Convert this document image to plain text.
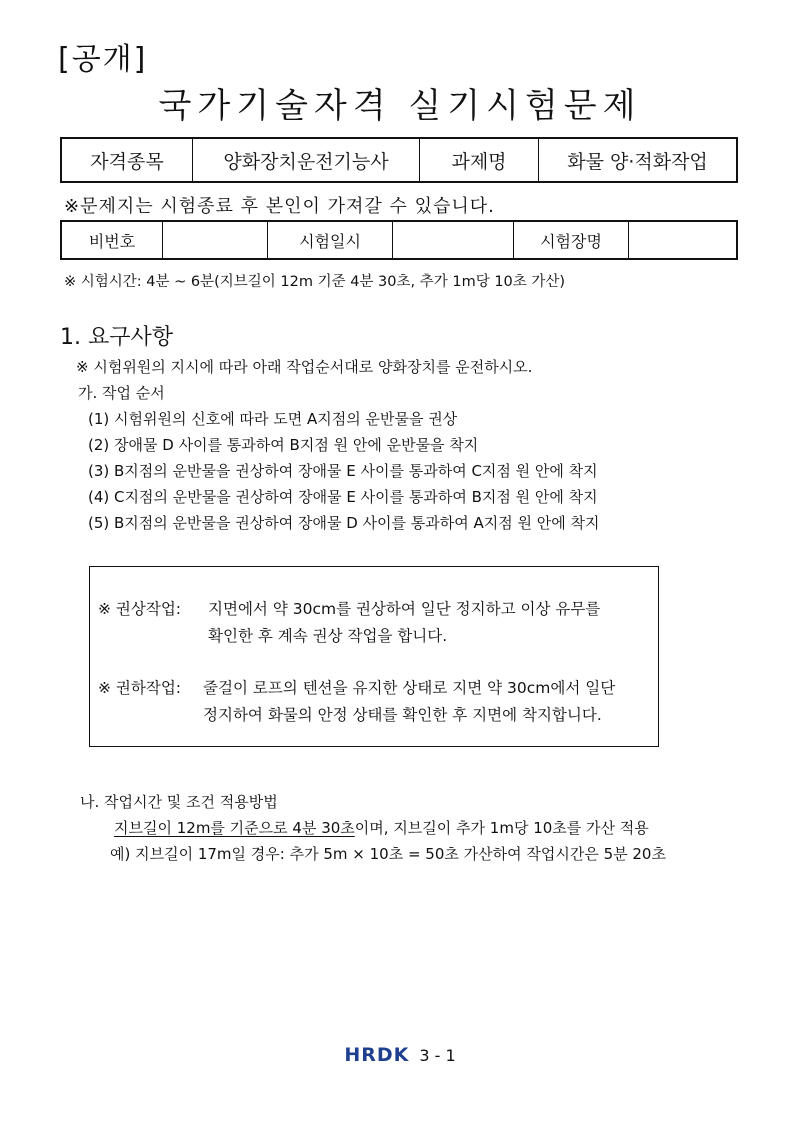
[공개]
국가기술자격 실기시험문제
자격종목	양화장치운전기능사	과제명	화물 양·적화작업
※문제지는 시험종료 후 본인이 가져갈 수 있습니다.
비번호		시험일시		시험장명	
※ 시험시간: 4분 ~ 6분(지브길이 12m 기준 4분 30초, 추가 1m당 10초 가산)
1. 요구사항
※ 시험위원의 지시에 따라 아래 작업순서대로 양화장치를 운전하시오.
가. 작업 순서
(1) 시험위원의 신호에 따라 도면 A지점의 운반물을 권상
(2) 장애물 D 사이를 통과하여 B지점 원 안에 운반물을 착지
(3) B지점의 운반물을 권상하여 장애물 E 사이를 통과하여 C지점 원 안에 착지
(4) C지점의 운반물을 권상하여 장애물 E 사이를 통과하여 B지점 원 안에 착지
(5) B지점의 운반물을 권상하여 장애물 D 사이를 통과하여 A지점 원 안에 착지
※ 권상작업: 지면에서 약 30cm를 권상하여 일단 정지하고 이상 유무를
확인한 후 계속 권상 작업을 합니다.
※ 권하작업: 줄걸이 로프의 텐션을 유지한 상태로 지면 약 30cm에서 일단
정지하여 화물의 안정 상태를 확인한 후 지면에 착지합니다.
나. 작업시간 및 조건 적용방법
지브길이 12m를 기준으로 4분 30초이며, 지브길이 추가 1m당 10초를 가산 적용
예) 지브길이 17m일 경우: 추가 5m × 10초 = 50초 가산하여 작업시간은 5분 20초
HRDK 3 - 1
